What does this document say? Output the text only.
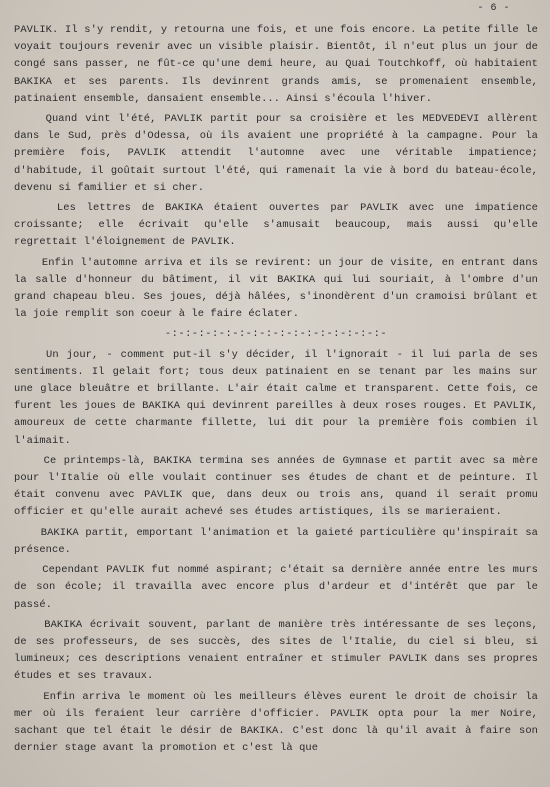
- 6 -

PAVLIK. Il s'y rendit, y retourna une fois, et une fois encore. La petite fille le voyait toujours revenir avec un visible plaisir. Bientôt, il n'eut plus un jour de congé sans passer, ne fût-ce qu'une demi heure, au Quai Toutchkoff, où habitaient BAKIKA et ses parents. Ils devinrent grands amis, se promenaient ensemble, patinaient ensemble, dansaient ensemble... Ainsi s'écoula l'hiver.

Quand vint l'été, PAVLIK partit pour sa croisière et les MEDVEDEVI allèrent dans le Sud, près d'Odessa, où ils avaient une propriété à la campagne. Pour la première fois, PAVLIK attendit l'automne avec une véritable impatience; d'habitude, il goûtait surtout l'été, qui ramenait la vie à bord du bateau-école, devenu si familier et si cher.

Les lettres de BAKIKA étaient ouvertes par PAVLIK avec une impatience croissante; elle écrivait qu'elle s'amusait beaucoup, mais aussi qu'elle regrettait l'éloignement de PAVLIK.

Enfin l'automne arriva et ils se revirent: un jour de visite, en entrant dans la salle d'honneur du bâtiment, il vit BAKIKA qui lui souriait, à l'ombre d'un grand chapeau bleu. Ses joues, déjà hâlées, s'inondèrent d'un cramoisi brûlant et la joie remplit son coeur à le faire éclater.

-:-:-:-:-:-:-:-:-:-:-:-:-:-:-:-:-

Un jour, - comment put-il s'y décider, il l'ignorait - il lui parla de ses sentiments. Il gelait fort; tous deux patinaient en se tenant par les mains sur une glace bleuâtre et brillante. L'air était calme et transparent. Cette fois, ce furent les joues de BAKIKA qui devinrent pareilles à deux roses rouges. Et PAVLIK, amoureux de cette charmante fillette, lui dit pour la première fois combien il l'aimait.

Ce printemps-là, BAKIKA termina ses années de Gymnase et partit avec sa mère pour l'Italie où elle voulait continuer ses études de chant et de peinture. Il était convenu avec PAVLIK que, dans deux ou trois ans, quand il serait promu officier et qu'elle aurait achevé ses études artistiques, ils se marieraient.

BAKIKA partit, emportant l'animation et la gaieté particulière qu'inspirait sa présence.

Cependant PAVLIK fut nommé aspirant; c'était sa dernière année entre les murs de son école; il travailla avec encore plus d'ardeur et d'intérêt que par le passé.

BAKIKA écrivait souvent, parlant de manière très intéressante de ses leçons, de ses professeurs, de ses succès, des sites de l'Italie, du ciel si bleu, si lumineux; ces descriptions venaient entraîner et stimuler PAVLIK dans ses propres études et ses travaux.

Enfin arriva le moment où les meilleurs élèves eurent le droit de choisir la mer où ils feraient leur carrière d'officier. PAVLIK opta pour la mer Noire, sachant que tel était le désir de BAKIKA. C'est donc là qu'il avait à faire son dernier stage avant la promotion et c'est là que
